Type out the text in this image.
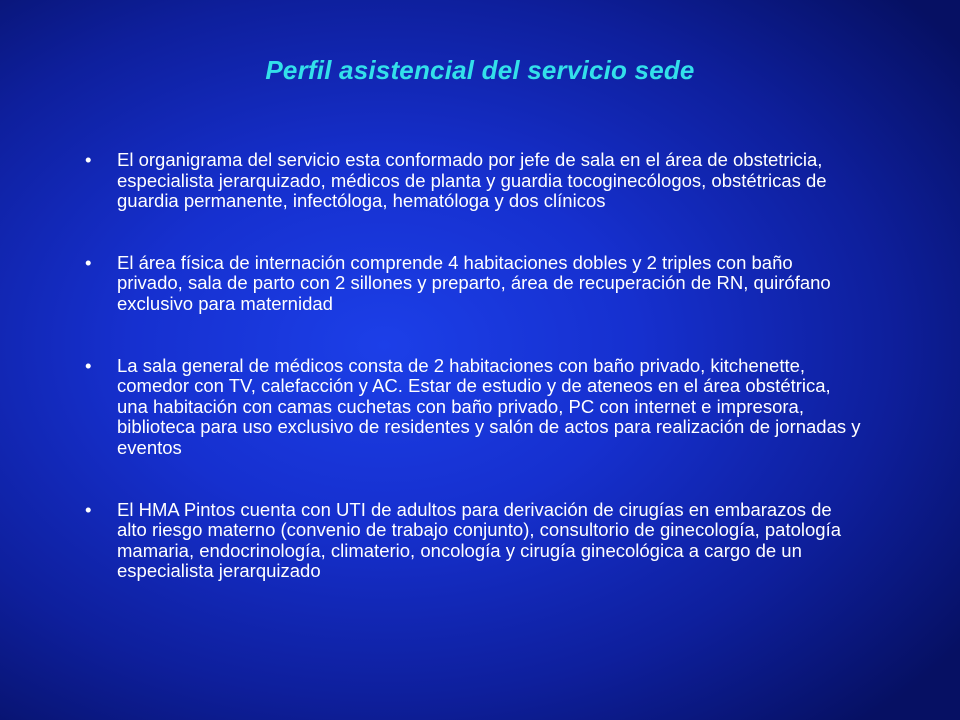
Perfil asistencial del servicio sede
• El organigrama del servicio esta conformado por jefe de sala en el área de obstetricia, especialista jerarquizado, médicos de planta y guardia tocoginecólogos, obstétricas de guardia permanente, infectóloga, hematóloga y dos clínicos
• El área física de internación comprende 4 habitaciones dobles y 2 triples con baño privado, sala de parto con 2 sillones y preparto, área de recuperación de RN, quirófano exclusivo para maternidad
• La sala general de médicos consta de 2 habitaciones con baño privado, kitchenette, comedor con TV, calefacción y AC. Estar de estudio y de ateneos en el área obstétrica, una habitación con camas cuchetas con baño privado, PC con internet e impresora, biblioteca para uso exclusivo de residentes y salón de actos para realización de jornadas y eventos
• El HMA Pintos cuenta con UTI de adultos para derivación de cirugías en embarazos de alto riesgo materno (convenio de trabajo conjunto), consultorio de ginecología, patología mamaria, endocrinología, climaterio, oncología y cirugía ginecológica a cargo de un especialista jerarquizado
